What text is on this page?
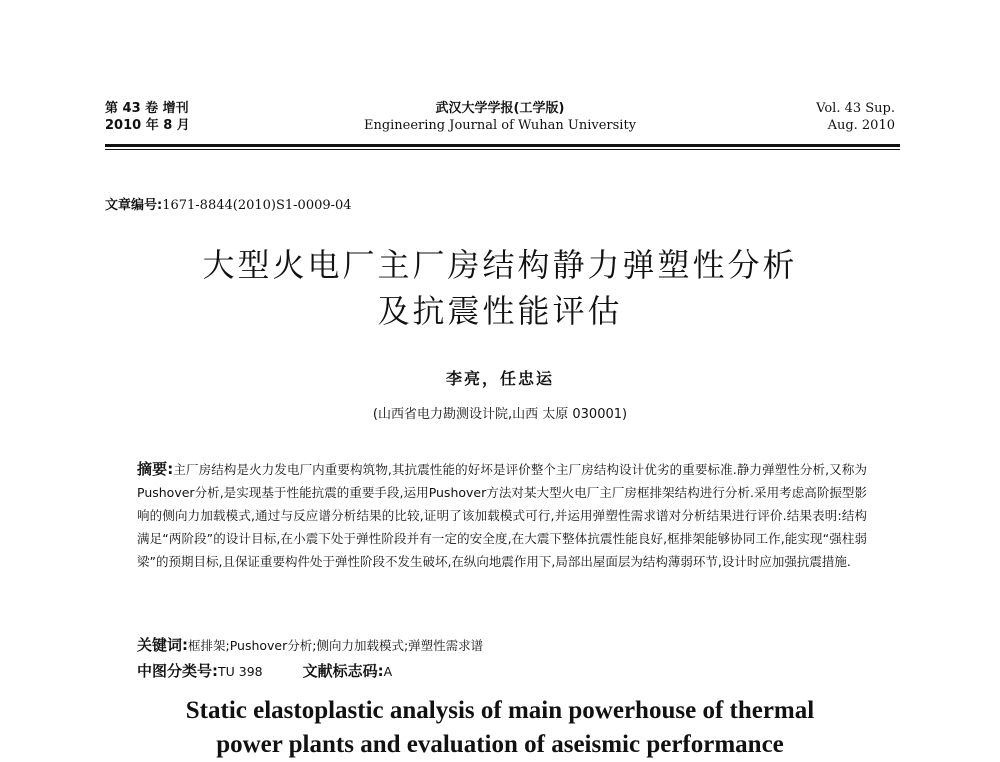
第 43 卷 增刊
2010 年 8 月
武汉大学学报(工学版)
Engineering Journal of Wuhan University
Vol. 43 Sup.
Aug. 2010
文章编号:1671-8844(2010)S1-0009-04
大型火电厂主厂房结构静力弹塑性分析
及抗震性能评估
李亮，任忠运
(山西省电力勘测设计院,山西 太原 030001)
摘要:主厂房结构是火力发电厂内重要构筑物,其抗震性能的好坏是评价整个主厂房结构设计优劣的重要标准.静力弹塑性分析,又称为Pushover分析,是实现基于性能抗震的重要手段,运用Pushover方法对某大型火电厂主厂房框排架结构进行分析.采用考虑高阶振型影响的侧向力加载模式,通过与反应谱分析结果的比较,证明了该加载模式可行,并运用弹塑性需求谱对分析结果进行评价.结果表明:结构满足“两阶段”的设计目标,在小震下处于弹性阶段并有一定的安全度,在大震下整体抗震性能良好,框排架能够协同工作,能实现“强柱弱梁”的预期目标,且保证重要构件处于弹性阶段不发生破坏,在纵向地震作用下,局部出屋面层为结构薄弱环节,设计时应加强抗震措施.
关键词:框排架;Pushover分析;侧向力加载模式;弹塑性需求谱
中图分类号:TU 398	文献标志码:A
Static elastoplastic analysis of main powerhouse of thermal
power plants and evaluation of aseismic performance
